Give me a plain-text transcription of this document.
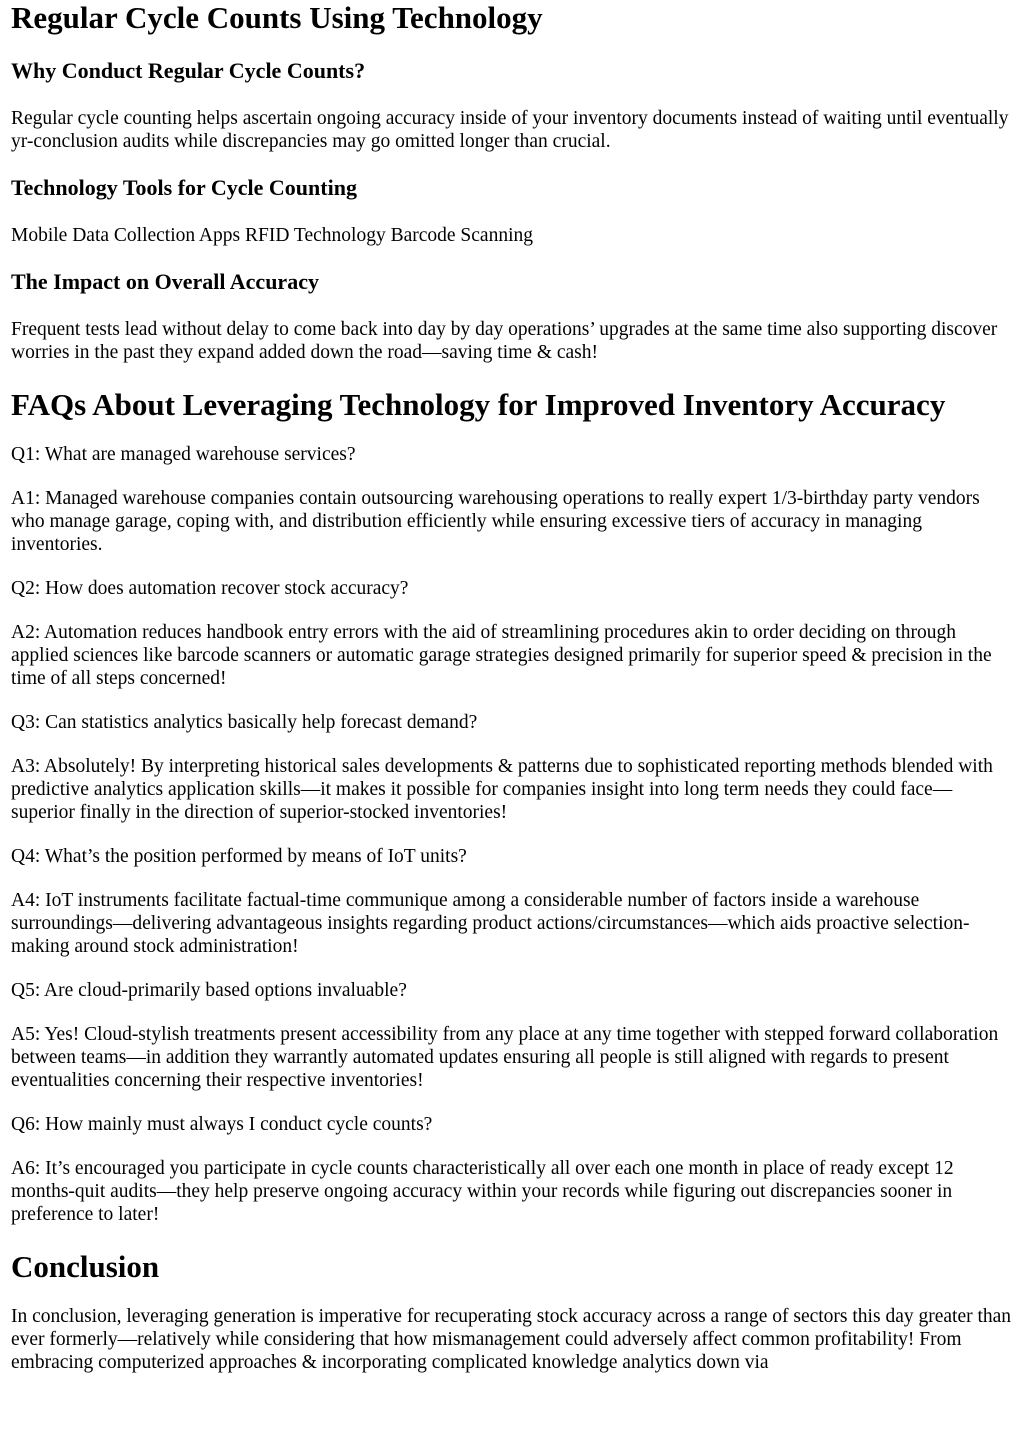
Regular Cycle Counts Using Technology
Why Conduct Regular Cycle Counts?

Regular cycle counting helps ascertain ongoing accuracy inside of your inventory documents instead of waiting until eventually yr-conclusion audits while discrepancies may go omitted longer than crucial.

Technology Tools for Cycle Counting

Mobile Data Collection Apps RFID Technology Barcode Scanning

The Impact on Overall Accuracy

Frequent tests lead without delay to come back into day by day operations’ upgrades at the same time also supporting discover worries in the past they expand added down the road—saving time & cash!

FAQs About Leveraging Technology for Improved Inventory Accuracy

Q1: What are managed warehouse services?

A1: Managed warehouse companies contain outsourcing warehousing operations to really expert 1/3-birthday party vendors who manage garage, coping with, and distribution efficiently while ensuring excessive tiers of accuracy in managing inventories.

Q2: How does automation recover stock accuracy?

A2: Automation reduces handbook entry errors with the aid of streamlining procedures akin to order deciding on through applied sciences like barcode scanners or automatic garage strategies designed primarily for superior speed & precision in the time of all steps concerned!

Q3: Can statistics analytics basically help forecast demand?

A3: Absolutely! By interpreting historical sales developments & patterns due to sophisticated reporting methods blended with predictive analytics application skills—it makes it possible for companies insight into long term needs they could face—superior finally in the direction of superior-stocked inventories!

Q4: What’s the position performed by means of IoT units?

A4: IoT instruments facilitate factual-time communique among a considerable number of factors inside a warehouse surroundings—delivering advantageous insights regarding product actions/circumstances—which aids proactive selection-making around stock administration!

Q5: Are cloud-primarily based options invaluable?

A5: Yes! Cloud-stylish treatments present accessibility from any place at any time together with stepped forward collaboration between teams—in addition they warrantly automated updates ensuring all people is still aligned with regards to present eventualities concerning their respective inventories!

Q6: How mainly must always I conduct cycle counts?

A6: It’s encouraged you participate in cycle counts characteristically all over each one month in place of ready except 12 months-quit audits—they help preserve ongoing accuracy within your records while figuring out discrepancies sooner in preference to later!

Conclusion

In conclusion, leveraging generation is imperative for recuperating stock accuracy across a range of sectors this day greater than ever formerly—relatively while considering that how mismanagement could adversely affect common profitability! From embracing computerized approaches & incorporating complicated knowledge analytics down via
